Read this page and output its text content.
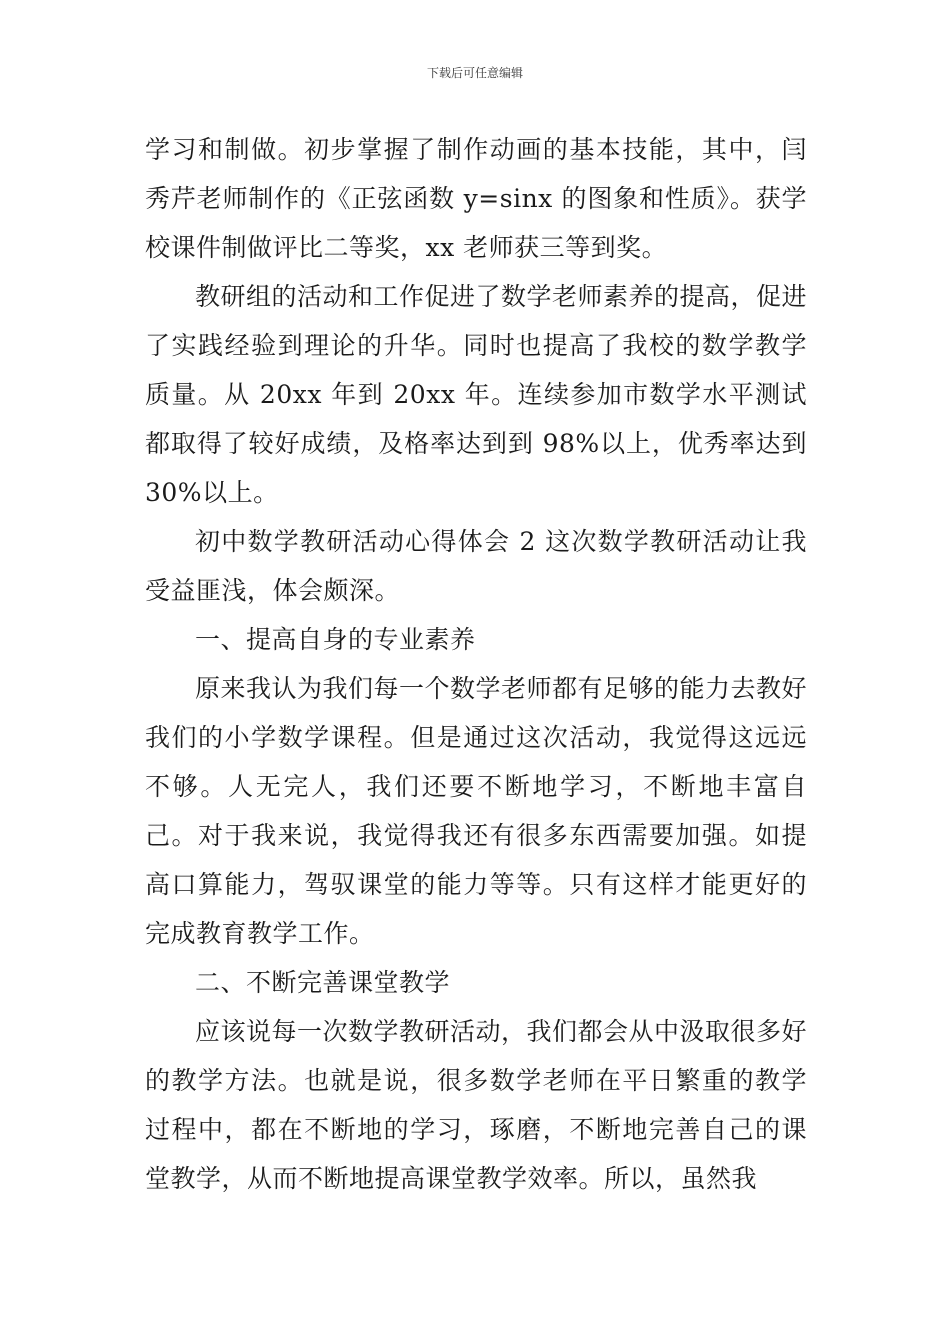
下载后可任意编辑

学习和制做。初步掌握了制作动画的基本技能，其中，闫秀芹老师制作的《正弦函数 y=sinx 的图象和性质》。获学校课件制做评比二等奖，xx 老师获三等到奖。

教研组的活动和工作促进了数学老师素养的提高，促进了实践经验到理论的升华。同时也提高了我校的数学教学质量。从 20xx 年到 20xx 年。连续参加市数学水平测试都取得了较好成绩，及格率达到到 98%以上，优秀率达到 30%以上。

初中数学教研活动心得体会 2 这次数学教研活动让我受益匪浅，体会颇深。

一、提高自身的专业素养

原来我认为我们每一个数学老师都有足够的能力去教好我们的小学数学课程。但是通过这次活动，我觉得这远远不够。人无完人，我们还要不断地学习，不断地丰富自己。对于我来说，我觉得我还有很多东西需要加强。如提高口算能力，驾驭课堂的能力等等。只有这样才能更好的完成教育教学工作。

二、不断完善课堂教学

应该说每一次数学教研活动，我们都会从中汲取很多好的教学方法。也就是说，很多数学老师在平日繁重的教学过程中，都在不断地的学习，琢磨，不断地完善自己的课堂教学，从而不断地提高课堂教学效率。所以，虽然我
